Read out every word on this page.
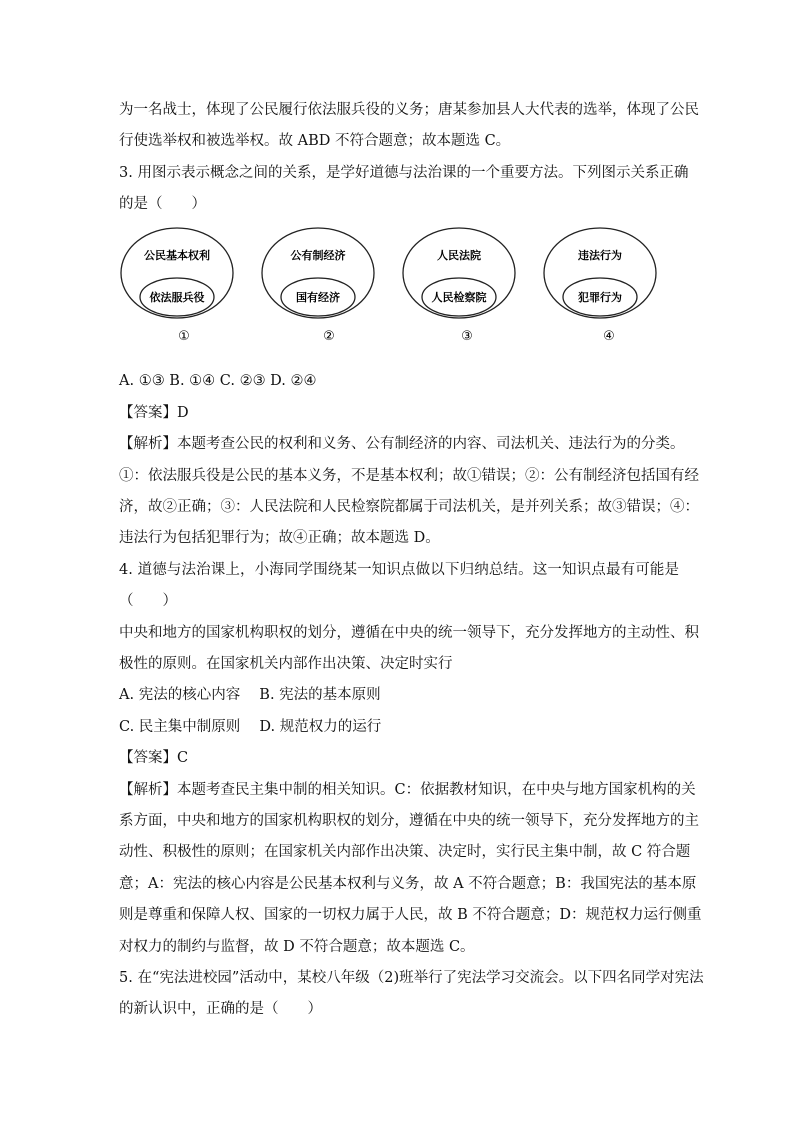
为一名战士，体现了公民履行依法服兵役的义务；唐某参加县人大代表的选举，体现了公民
行使选举权和被选举权。故 ABD 不符合题意；故本题选 C。
3. 用图示表示概念之间的关系，是学好道德与法治课的一个重要方法。下列图示关系正确
的是（　　）
公民基本权利
依法服兵役
①
公有制经济
国有经济
②
人民法院
人民检察院
③
违法行为
犯罪行为
④
A. ①③ B. ①④ C. ②③ D. ②④
【答案】D
【解析】本题考查公民的权利和义务、公有制经济的内容、司法机关、违法行为的分类。
①：依法服兵役是公民的基本义务，不是基本权利；故①错误；②：公有制经济包括国有经
济，故②正确；③：人民法院和人民检察院都属于司法机关，是并列关系；故③错误；④：
违法行为包括犯罪行为；故④正确；故本题选 D。
4. 道德与法治课上，小海同学围绕某一知识点做以下归纳总结。这一知识点最有可能是
（　　）
中央和地方的国家机构职权的划分，遵循在中央的统一领导下，充分发挥地方的主动性、积
极性的原则。在国家机关内部作出决策、决定时实行
A. 宪法的核心内容　 B. 宪法的基本原则
C. 民主集中制原则　 D. 规范权力的运行
【答案】C
【解析】本题考查民主集中制的相关知识。C：依据教材知识，在中央与地方国家机构的关
系方面，中央和地方的国家机构职权的划分，遵循在中央的统一领导下，充分发挥地方的主
动性、积极性的原则；在国家机关内部作出决策、决定时，实行民主集中制，故 C 符合题
意；A：宪法的核心内容是公民基本权利与义务，故 A 不符合题意；B：我国宪法的基本原
则是尊重和保障人权、国家的一切权力属于人民，故 B 不符合题意；D：规范权力运行侧重
对权力的制约与监督，故 D 不符合题意；故本题选 C。
5. 在“宪法进校园”活动中，某校八年级（2)班举行了宪法学习交流会。以下四名同学对宪法
的新认识中，正确的是（　　）
